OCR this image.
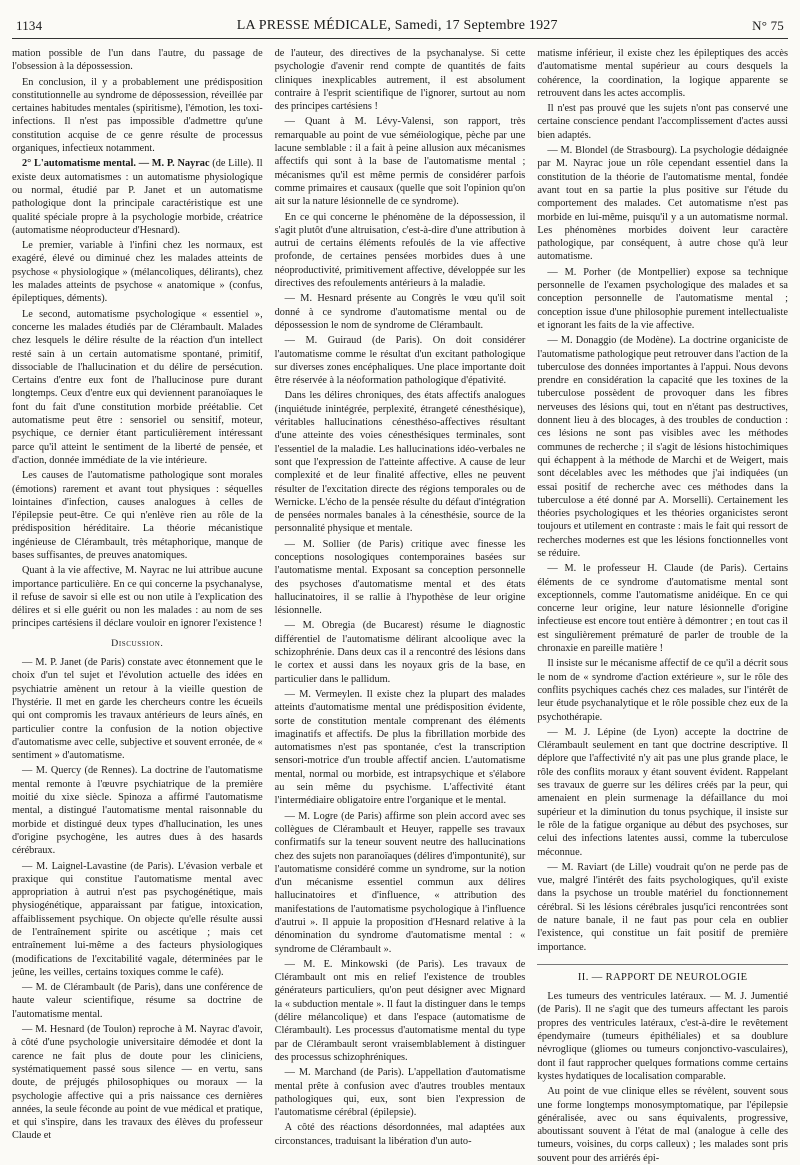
1134	LA PRESSE MÉDICALE, Samedi, 17 Septembre 1927	N° 75

mation possible de l'un dans l'autre, du passage de l'obsession à la dépossession.

En conclusion, il y a probablement une prédisposition constitutionnelle au syndrome de dépossession, réveillée par certaines habitudes mentales (spiritisme), l'émotion, les toxi-infections. Il n'est pas impossible d'admettre qu'une constitution acquise de ce genre résulte de processus organiques, infectieux notamment.

2° L'automatisme mental. — M. P. Nayrac (de Lille). Il existe deux automatismes : un automatisme physiologique ou normal, étudié par P. Janet et un automatisme pathologique dont la principale caractéristique est une qualité spéciale propre à la psychologie morbide, créatrice (automatisme néoproducteur d'Hesnard).

Le premier, variable à l'infini chez les normaux, est exagéré, élevé ou diminué chez les malades atteints de psychose « physiologique » (mélancoliques, délirants), chez les malades atteints de psychose « anatomique » (confus, épileptiques, déments).

Le second, automatisme psychologique « essentiel », concerne les malades étudiés par de Clérambault. Malades chez lesquels le délire résulte de la réaction d'un intellect resté sain à un certain automatisme spontané, primitif, dissociable de l'hallucination et du délire de persécution. Certains d'entre eux font de l'hallucinose pure durant longtemps. Ceux d'entre eux qui deviennent paranoïaques le font du fait d'une constitution morbide préétablie. Cet automatisme peut être : sensoriel ou sensitif, moteur, psychique, ce dernier étant particulièrement intéressant parce qu'il atteint le sentiment de la liberté de pensée, et d'action, donnée immédiate de la vie intérieure.

Les causes de l'automatisme pathologique sont morales (émotions) rarement et avant tout physiques : séquelles lointaines d'infection, causes analogues à celles de l'épilepsie peut-être. Ce qui n'enlève rien au rôle de la prédisposition héréditaire. La théorie mécanistique ingénieuse de Clérambault, très métaphorique, manque de bases suffisantes, de preuves anatomiques.

Quant à la vie affective, M. Nayrac ne lui attribue aucune importance particulière. En ce qui concerne la psychanalyse, il refuse de savoir si elle est ou non utile à l'explication des délires et si elle guérit ou non les malades : au nom de ses principes cartésiens il déclare vouloir en ignorer l'existence !

Discussion.

— M. P. Janet (de Paris) constate avec étonnement que le choix d'un tel sujet et l'évolution actuelle des idées en psychiatrie amènent un retour à la vieille question de l'hystérie. Il met en garde les chercheurs contre les écueils qui ont compromis les travaux antérieurs de leurs aînés, en particulier contre la confusion de la notion objective d'automatisme avec celle, subjective et souvent erronée, de « sentiment » d'automatisme.

— M. Quercy (de Rennes). La doctrine de l'automatisme mental remonte à l'œuvre psychiatrique de la première moitié du xixe siècle. Spinoza a affirmé l'automatisme mental, a distingué l'automatisme mental raisonnable du morbide et distingué deux types d'hallucination, les unes d'origine psychogène, les autres dues à des hasards cérébraux.

— M. Laignel-Lavastine (de Paris). L'évasion verbale et praxique qui constitue l'automatisme mental avec appropriation à autrui n'est pas psychogénétique, mais physiogénétique, apparaissant par fatigue, intoxication, affaiblissement psychique. On objecte qu'elle résulte aussi de l'entraînement spirite ou ascétique ; mais cet entraînement lui-même a des facteurs physiologiques (modifications de l'excitabilité vagale, déterminées par le jeûne, les veilles, certains toxiques comme le café).

— M. de Clérambault (de Paris), dans une conférence de haute valeur scientifique, résume sa doctrine de l'automatisme mental.

— M. Hesnard (de Toulon) reproche à M. Nayrac d'avoir, à côté d'une psychologie universitaire démodée et dont la carence ne fait plus de doute pour les cliniciens, systématiquement passé sous silence — en vertu, sans doute, de préjugés philosophiques ou moraux — la psychologie affective qui a pris naissance ces dernières années, la seule féconde au point de vue médical et pratique, et qui s'inspire, dans les travaux des élèves du professeur Claude et

de l'auteur, des directives de la psychanalyse. Si cette psychologie d'avenir rend compte de quantités de faits cliniques inexplicables autrement, il est absolument contraire à l'esprit scientifique de l'ignorer, surtout au nom des principes cartésiens !

— Quant à M. Lévy-Valensi, son rapport, très remarquable au point de vue séméiologique, pèche par une lacune semblable : il a fait à peine allusion aux mécanismes affectifs qui sont à la base de l'automatisme mental ; mécanismes qu'il est même permis de considérer parfois comme primaires et causaux (quelle que soit l'opinion qu'on ait sur la nature lésionnelle de ce syndrome).

En ce qui concerne le phénomène de la dépossession, il s'agit plutôt d'une altruisation, c'est-à-dire d'une attribution à autrui de certains éléments refoulés de la vie affective profonde, de certaines pensées morbides dues à une néoproductivité, primitivement affective, développée sur les directives des refoulements antérieurs à la maladie.

— M. Hesnard présente au Congrès le vœu qu'il soit donné à ce syndrome d'automatisme mental ou de dépossession le nom de syndrome de Clérambault.

— M. Guiraud (de Paris). On doit considérer l'automatisme comme le résultat d'un excitant pathologique sur diverses zones encéphaliques. Une place importante doit être réservée à la néoformation pathologique d'épativité.

Dans les délires chroniques, des états affectifs analogues (inquiétude inintégrée, perplexité, étrangeté cénesthésique), véritables hallucinations cénesthéso-affectives résultant d'une atteinte des voies cénesthésiques terminales, sont l'essentiel de la maladie. Les hallucinations idéo-verbales ne sont que l'expression de l'atteinte affective. A cause de leur complexité et de leur finalité affective, elles ne peuvent résulter de l'excitation directe des régions temporales ou de Wernicke. L'écho de la pensée résulte du défaut d'intégration de pensées normales banales à la cénesthésie, source de la personnalité physique et mentale.

— M. Sollier (de Paris) critique avec finesse les conceptions nosologiques contemporaines basées sur l'automatisme mental. Exposant sa conception personnelle des psychoses d'automatisme mental et des états hallucinatoires, il se rallie à l'hypothèse de leur origine lésionnelle.

— M. Obregia (de Bucarest) résume le diagnostic différentiel de l'automatisme délirant alcoolique avec la schizophrénie. Dans deux cas il a rencontré des lésions dans le cortex et aussi dans les noyaux gris de la base, en particulier dans le pallidum.

— M. Vermeylen. Il existe chez la plupart des malades atteints d'automatisme mental une prédisposition évidente, sorte de constitution mentale comprenant des éléments imaginatifs et affectifs. De plus la fibrillation morbide des automatismes n'est pas spontanée, c'est la transcription sensori-motrice d'un trouble affectif ancien. L'automatisme mental, normal ou morbide, est intrapsychique et s'élabore au sein même du psychisme. L'affectivité étant l'intermédiaire obligatoire entre l'organique et le mental.

— M. Logre (de Paris) affirme son plein accord avec ses collègues de Clérambault et Heuyer, rappelle ses travaux confirmatifs sur la teneur souvent neutre des hallucinations chez des sujets non paranoïaques (délires d'impontunité), sur l'automatisme considéré comme un syndrome, sur la notion d'un mécanisme essentiel commun aux délires hallucinatoires et d'influence, « attribution des manifestations de l'automatisme psychologique à l'influence d'autrui ». Il appuie la proposition d'Hesnard relative à la dénomination du syndrome d'automatisme mental : « syndrome de Clérambault ».

— M. E. Minkowski (de Paris). Les travaux de Clérambault ont mis en relief l'existence de troubles générateurs particuliers, qu'on peut désigner avec Mignard la « subduction mentale ». Il faut la distinguer dans le temps (délire mélancolique) et dans l'espace (automatisme de Clérambault). Les processus d'automatisme mental du type par de Clérambault seront vraisemblablement à distinguer des processus schizophréniques.

— M. Marchand (de Paris). L'appellation d'automatisme mental prête à confusion avec d'autres troubles mentaux pathologiques qui, eux, sont bien l'expression de l'automatisme cérébral (épilepsie).

A côté des réactions désordonnées, mal adaptées aux circonstances, traduisant la libération d'un auto-

matisme inférieur, il existe chez les épileptiques des accès d'automatisme mental supérieur au cours desquels la cohérence, la coordination, la logique apparente se retrouvent dans les actes accomplis.

Il n'est pas prouvé que les sujets n'ont pas conservé une certaine conscience pendant l'accomplissement d'actes aussi bien adaptés.

— M. Blondel (de Strasbourg). La psychologie dédaignée par M. Nayrac joue un rôle cependant essentiel dans la constitution de la théorie de l'automatisme mental, fondée avant tout en sa partie la plus positive sur l'étude du comportement des malades. Cet automatisme n'est pas morbide en lui-même, puisqu'il y a un automatisme normal. Les phénomènes morbides doivent leur caractère pathologique, par conséquent, à autre chose qu'à leur automatisme.

— M. Porher (de Montpellier) expose sa technique personnelle de l'examen psychologique des malades et sa conception personnelle de l'automatisme mental ; conception issue d'une philosophie purement intellectualiste et ignorant les faits de la vie affective.

— M. Donaggio (de Modène). La doctrine organiciste de l'automatisme pathologique peut retrouver dans l'action de la tuberculose des données importantes à l'appui. Nous devons prendre en considération la capacité que les toxines de la tuberculose possèdent de provoquer dans les fibres nerveuses des lésions qui, tout en n'étant pas destructives, donnent lieu à des blocages, à des troubles de conduction : ces lésions ne sont pas visibles avec les méthodes communes de recherche ; il s'agit de lésions histochimiques qui échappent à la méthode de Marchi et de Weigert, mais sont décelables avec les méthodes que j'ai indiquées (un essai positif de recherche avec ces méthodes dans la tuberculose a été donné par A. Morselli). Certainement les théories psychologiques et les théories organicistes seront toujours et utilement en contraste : mais le fait qui ressort de recherches modernes est que les lésions fonctionnelles vont se réduire.

— M. le professeur H. Claude (de Paris). Certains éléments de ce syndrome d'automatisme mental sont exceptionnels, comme l'automatisme anidéique. En ce qui concerne leur origine, leur nature lésionnelle d'origine infectieuse est encore tout entière à démontrer ; en tout cas il est singulièrement prématuré de parler de trouble de la chronaxie en pareille matière !

Il insiste sur le mécanisme affectif de ce qu'il a décrit sous le nom de « syndrome d'action extérieure », sur le rôle des conflits psychiques cachés chez ces malades, sur l'intérêt de leur étude psychanalytique et le rôle possible chez eux de la psychothérapie.

— M. J. Lépine (de Lyon) accepte la doctrine de Clérambault seulement en tant que doctrine descriptive. Il déplore que l'affectivité n'y ait pas une plus grande place, le rôle des conflits moraux y étant souvent évident. Rappelant ses travaux de guerre sur les délires créés par la peur, qui amenaient en plein surmenage la défaillance du moi supérieur et la diminution du tonus psychique, il insiste sur le rôle de la fatigue organique au début des psychoses, sur celui des infections latentes aussi, comme la tuberculose méconnue.

— M. Raviart (de Lille) voudrait qu'on ne perde pas de vue, malgré l'intérêt des faits psychologiques, qu'il existe dans la psychose un trouble matériel du fonctionnement cérébral. Si les lésions cérébrales jusqu'ici rencontrées sont de nature banale, il ne faut pas pour cela en oublier l'existence, qui constitue un fait positif de première importance.

II. — RAPPORT DE NEUROLOGIE

Les tumeurs des ventricules latéraux. — M. J. Jumentié (de Paris). Il ne s'agit que des tumeurs affectant les parois propres des ventricules latéraux, c'est-à-dire le revêtement épendymaire (tumeurs épithéliales) et sa doublure névroglique (gliomes ou tumeurs conjonctivo-vasculaires), dont il faut rapprocher quelques formations comme certains kystes hydatiques de localisation comparable.

Au point de vue clinique elles se révèlent, souvent sous une forme longtemps monosymptomatique, par l'épilepsie généralisée, avec ou sans équivalents, progressive, aboutissant souvent à l'état de mal (analogue à celle des tumeurs, voisines, du corps calleux) ; les malades sont pris souvent pour des arriérés épi-
